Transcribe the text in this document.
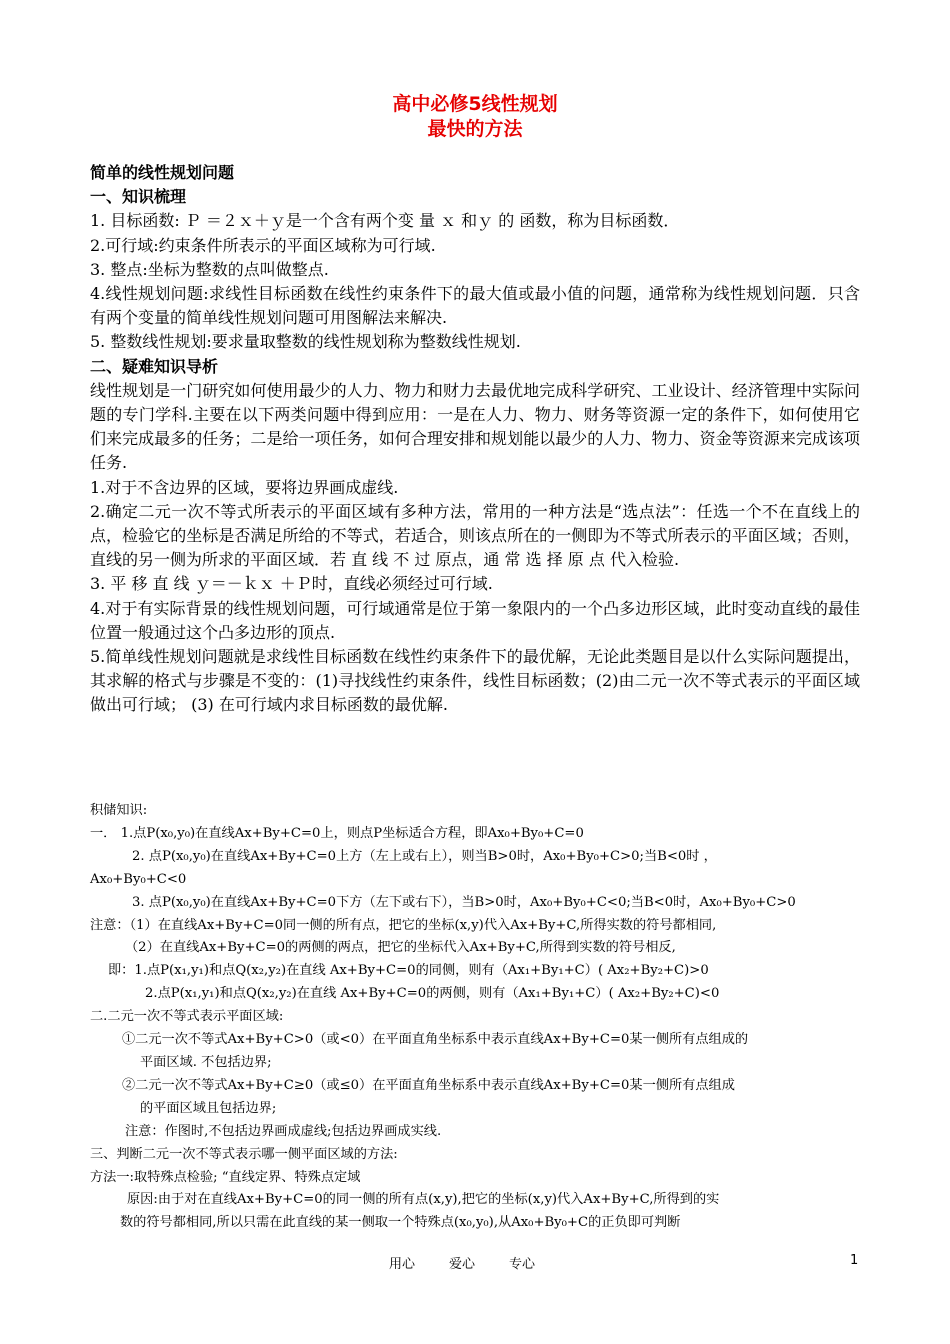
高中必修5线性规划
最快的方法

简单的线性规划问题

一、知识梳理

1. 目标函数: Ｐ ＝２ｘ＋ｙ是一个含有两个变 量 ｘ 和ｙ 的 函数，称为目标函数．

2.可行域:约束条件所表示的平面区域称为可行域.

3. 整点:坐标为整数的点叫做整点.

4.线性规划问题:求线性目标函数在线性约束条件下的最大值或最小值的问题，通常称为线性规划问题．只含有两个变量的简单线性规划问题可用图解法来解决.

5. 整数线性规划:要求量取整数的线性规划称为整数线性规划.

二、疑难知识导析

线性规划是一门研究如何使用最少的人力、物力和财力去最优地完成科学研究、工业设计、经济管理中实际问题的专门学科.主要在以下两类问题中得到应用：一是在人力、物力、财务等资源一定的条件下，如何使用它们来完成最多的任务；二是给一项任务，如何合理安排和规划能以最少的人力、物力、资金等资源来完成该项任务.

1.对于不含边界的区域，要将边界画成虚线.

2.确定二元一次不等式所表示的平面区域有多种方法，常用的一种方法是“选点法”：任选一个不在直线上的点，检验它的坐标是否满足所给的不等式，若适合，则该点所在的一侧即为不等式所表示的平面区域；否则，直线的另一侧为所求的平面区域．若 直 线 不 过 原点，通 常 选 择 原 点 代入检验.

3. 平 移 直 线 ｙ＝－ｋｘ ＋Ｐ时，直线必须经过可行域.

4.对于有实际背景的线性规划问题，可行域通常是位于第一象限内的一个凸多边形区域，此时变动直线的最佳位置一般通过这个凸多边形的顶点.

5.简单线性规划问题就是求线性目标函数在线性约束条件下的最优解，无论此类题目是以什么实际问题提出，其求解的格式与步骤是不变的：(1)寻找线性约束条件，线性目标函数；(2)由二元一次不等式表示的平面区域做出可行域； (3) 在可行域内求目标函数的最优解.

积储知识:

一． 1.点P(x₀,y₀)在直线Ax+By+C=0上，则点P坐标适合方程，即Ax₀+By₀+C=0

2. 点P(x₀,y₀)在直线Ax+By+C=0上方（左上或右上），则当B>0时，Ax₀+By₀+C>0;当B<0时 ，

Ax₀+By₀+C<0

3. 点P(x₀,y₀)在直线Ax+By+C=0下方（左下或右下），当B>0时，Ax₀+By₀+C<0;当B<0时，Ax₀+By₀+C>0

注意：（1）在直线Ax+By+C=0同一侧的所有点，把它的坐标(x,y)代入Ax+By+C,所得实数的符号都相同,

（2）在直线Ax+By+C=0的两侧的两点，把它的坐标代入Ax+By+C,所得到实数的符号相反,

即：1.点P(x₁,y₁)和点Q(x₂,y₂)在直线 Ax+By+C=0的同侧，则有（Ax₁+By₁+C）( Ax₂+By₂+C)>0

2.点P(x₁,y₁)和点Q(x₂,y₂)在直线 Ax+By+C=0的两侧，则有（Ax₁+By₁+C）( Ax₂+By₂+C)<0

二.二元一次不等式表示平面区域:

①二元一次不等式Ax+By+C>0（或<0）在平面直角坐标系中表示直线Ax+By+C=0某一侧所有点组成的

平面区域. 不包括边界;

②二元一次不等式Ax+By+C≥0（或≤0）在平面直角坐标系中表示直线Ax+By+C=0某一侧所有点组成

的平面区域且包括边界;

注意：作图时,不包括边界画成虚线;包括边界画成实线.

三、判断二元一次不等式表示哪一侧平面区域的方法:

方法一:取特殊点检验; “直线定界、特殊点定域

原因:由于对在直线Ax+By+C=0的同一侧的所有点(x,y),把它的坐标(x,y)代入Ax+By+C,所得到的实

数的符号都相同,所以只需在此直线的某一侧取一个特殊点(x₀,y₀),从Ax₀+By₀+C的正负即可判断

用心	爱心	专心	1
